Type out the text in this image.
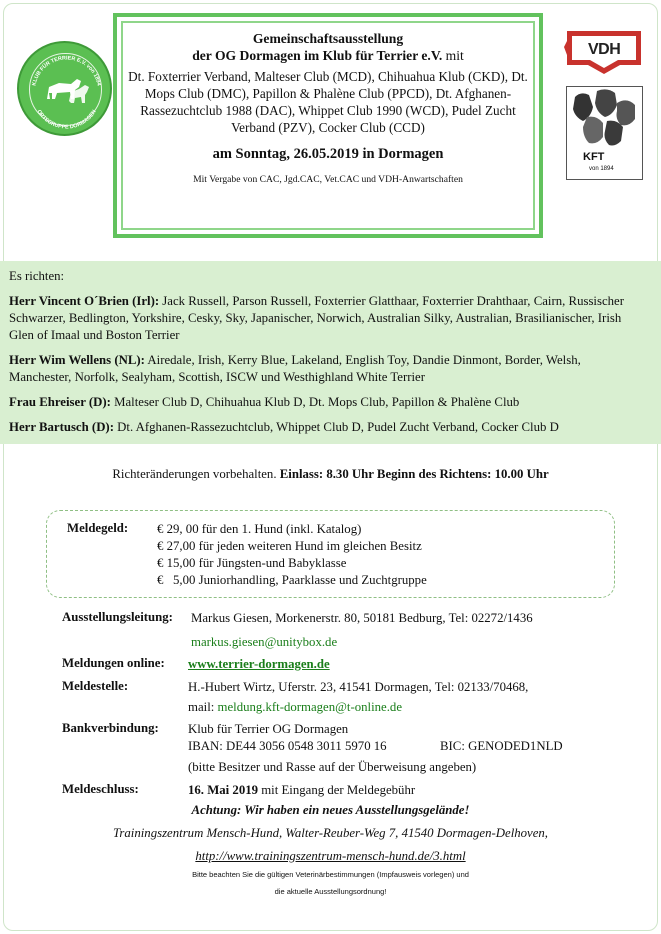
Gemeinschaftsausstellung
der OG Dormagen im Klub für Terrier e.V. mit
Dt. Foxterrier Verband, Malteser Club (MCD), Chihuahua Klub (CKD), Dt. Mops Club (DMC), Papillon & Phalène Club (PPCD), Dt. Afghanen-Rassezuchtclub 1988 (DAC), Whippet Club 1990 (WCD), Pudel Zucht Verband (PZV), Cocker Club (CCD)
am Sonntag, 26.05.2019 in Dormagen
Mit Vergabe von CAC, Jgd.CAC, Vet.CAC und VDH-Anwartschaften
KLUB FÜR TERRIER E.V. von 1894
ORTSGRUPPE DORMAGEN
VDH
KFT
von 1894
Es richten:
Herr Vincent O´Brien (Irl): Jack Russell, Parson Russell, Foxterrier Glatthaar, Foxterrier Drahthaar, Cairn, Russischer Schwarzer, Bedlington, Yorkshire, Cesky, Sky, Japanischer, Norwich, Australian Silky, Australian, Brasilianischer, Irish Glen of Imaal und Boston Terrier
Herr Wim Wellens (NL): Airedale, Irish, Kerry Blue, Lakeland, English Toy, Dandie Dinmont, Border, Welsh, Manchester, Norfolk, Sealyham, Scottish, ISCW und Westhighland White Terrier
Frau Ehreiser (D): Malteser Club D, Chihuahua Klub D, Dt. Mops Club, Papillon & Phalène Club
Herr Bartusch (D): Dt. Afghanen-Rassezuchtclub, Whippet Club D, Pudel Zucht Verband, Cocker Club D
Richteränderungen vorbehalten. Einlass: 8.30 Uhr Beginn des Richtens: 10.00 Uhr
Meldegeld: € 29, 00 für den 1. Hund (inkl. Katalog)
€ 27,00 für jeden weiteren Hund im gleichen Besitz
€ 15,00 für Jüngsten-und Babyklasse
€   5,00 Juniorhandling, Paarklasse und Zuchtgruppe
Ausstellungsleitung: Markus Giesen, Morkenerstr. 80, 50181 Bedburg, Tel: 02272/1436
markus.giesen@unitybox.de
Meldungen online: www.terrier-dormagen.de
Meldestelle:	H.-Hubert Wirtz, Uferstr. 23, 41541 Dormagen, Tel: 02133/70468,
mail: meldung.kft-dormagen@t-online.de
Bankverbindung: Klub für Terrier OG Dormagen
IBAN: DE44 3056 0548 3011 5970 16	BIC: GENODED1NLD
(bitte Besitzer und Rasse auf der Überweisung angeben)
Meldeschluss:	16. Mai 2019 mit Eingang der Meldegebühr
Achtung: Wir haben ein neues Ausstellungsgelände!
Trainingszentrum Mensch-Hund, Walter-Reuber-Weg 7, 41540 Dormagen-Delhoven,
http://www.trainingszentrum-mensch-hund.de/3.html
Bitte beachten Sie die gültigen Veterinärbestimmungen (Impfausweis vorlegen) und
die aktuelle Ausstellungsordnung!
